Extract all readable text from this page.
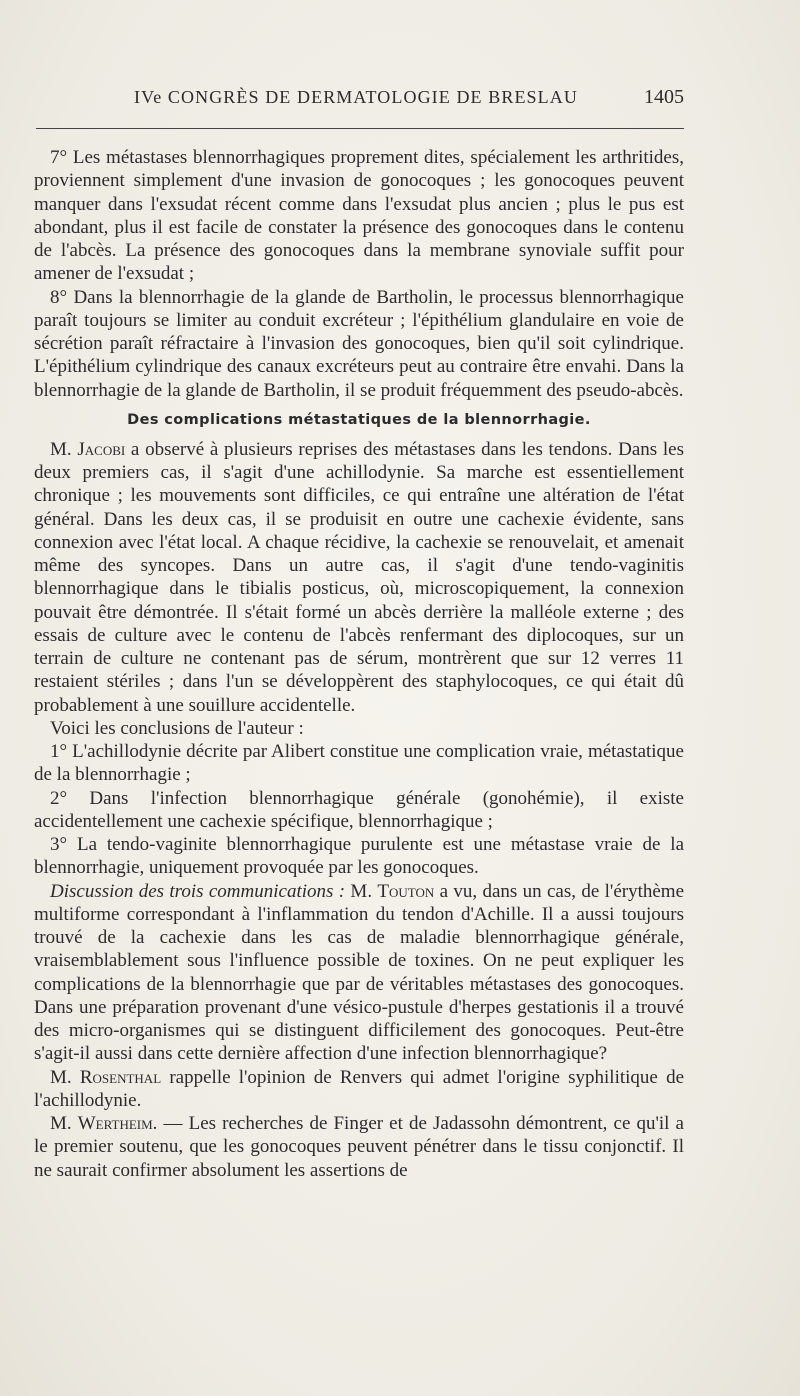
IVe CONGRÈS DE DERMATOLOGIE DE BRESLAU	1405

7° Les métastases blennorrhagiques proprement dites, spécialement les arthritides, proviennent simplement d'une invasion de gonocoques ; les gonocoques peuvent manquer dans l'exsudat récent comme dans l'exsudat plus ancien ; plus le pus est abondant, plus il est facile de constater la présence des gonocoques dans le contenu de l'abcès. La présence des gonocoques dans la membrane synoviale suffit pour amener de l'exsudat ;

8° Dans la blennorrhagie de la glande de Bartholin, le processus blennorrhagique paraît toujours se limiter au conduit excréteur ; l'épithélium glandulaire en voie de sécrétion paraît réfractaire à l'invasion des gonocoques, bien qu'il soit cylindrique. L'épithélium cylindrique des canaux excréteurs peut au contraire être envahi. Dans la blennorrhagie de la glande de Bartholin, il se produit fréquemment des pseudo-abcès.

Des complications métastatiques de la blennorrhagie.

M. Jacobi a observé à plusieurs reprises des métastases dans les tendons. Dans les deux premiers cas, il s'agit d'une achillodynie. Sa marche est essentiellement chronique ; les mouvements sont difficiles, ce qui entraîne une altération de l'état général. Dans les deux cas, il se produisit en outre une cachexie évidente, sans connexion avec l'état local. A chaque récidive, la cachexie se renouvelait, et amenait même des syncopes. Dans un autre cas, il s'agit d'une tendo-vaginitis blennorrhagique dans le tibialis posticus, où, microscopiquement, la connexion pouvait être démontrée. Il s'était formé un abcès derrière la malléole externe ; des essais de culture avec le contenu de l'abcès renfermant des diplocoques, sur un terrain de culture ne contenant pas de sérum, montrèrent que sur 12 verres 11 restaient stériles ; dans l'un se développèrent des staphylocoques, ce qui était dû probablement à une souillure accidentelle.

Voici les conclusions de l'auteur :

1° L'achillodynie décrite par Alibert constitue une complication vraie, métastatique de la blennorrhagie ;

2° Dans l'infection blennorrhagique générale (gonohémie), il existe accidentellement une cachexie spécifique, blennorrhagique ;

3° La tendo-vaginite blennorrhagique purulente est une métastase vraie de la blennorrhagie, uniquement provoquée par les gonocoques.

Discussion des trois communications : M. Touton a vu, dans un cas, de l'érythème multiforme correspondant à l'inflammation du tendon d'Achille. Il a aussi toujours trouvé de la cachexie dans les cas de maladie blennorrhagique générale, vraisemblablement sous l'influence possible de toxines. On ne peut expliquer les complications de la blennorrhagie que par de véritables métastases des gonocoques. Dans une préparation provenant d'une vésico-pustule d'herpes gestationis il a trouvé des micro-organismes qui se distinguent difficilement des gonocoques. Peut-être s'agit-il aussi dans cette dernière affection d'une infection blennorrhagique?

M. Rosenthal rappelle l'opinion de Renvers qui admet l'origine syphilitique de l'achillodynie.

M. Wertheim. — Les recherches de Finger et de Jadassohn démontrent, ce qu'il a le premier soutenu, que les gonocoques peuvent pénétrer dans le tissu conjonctif. Il ne saurait confirmer absolument les assertions de
